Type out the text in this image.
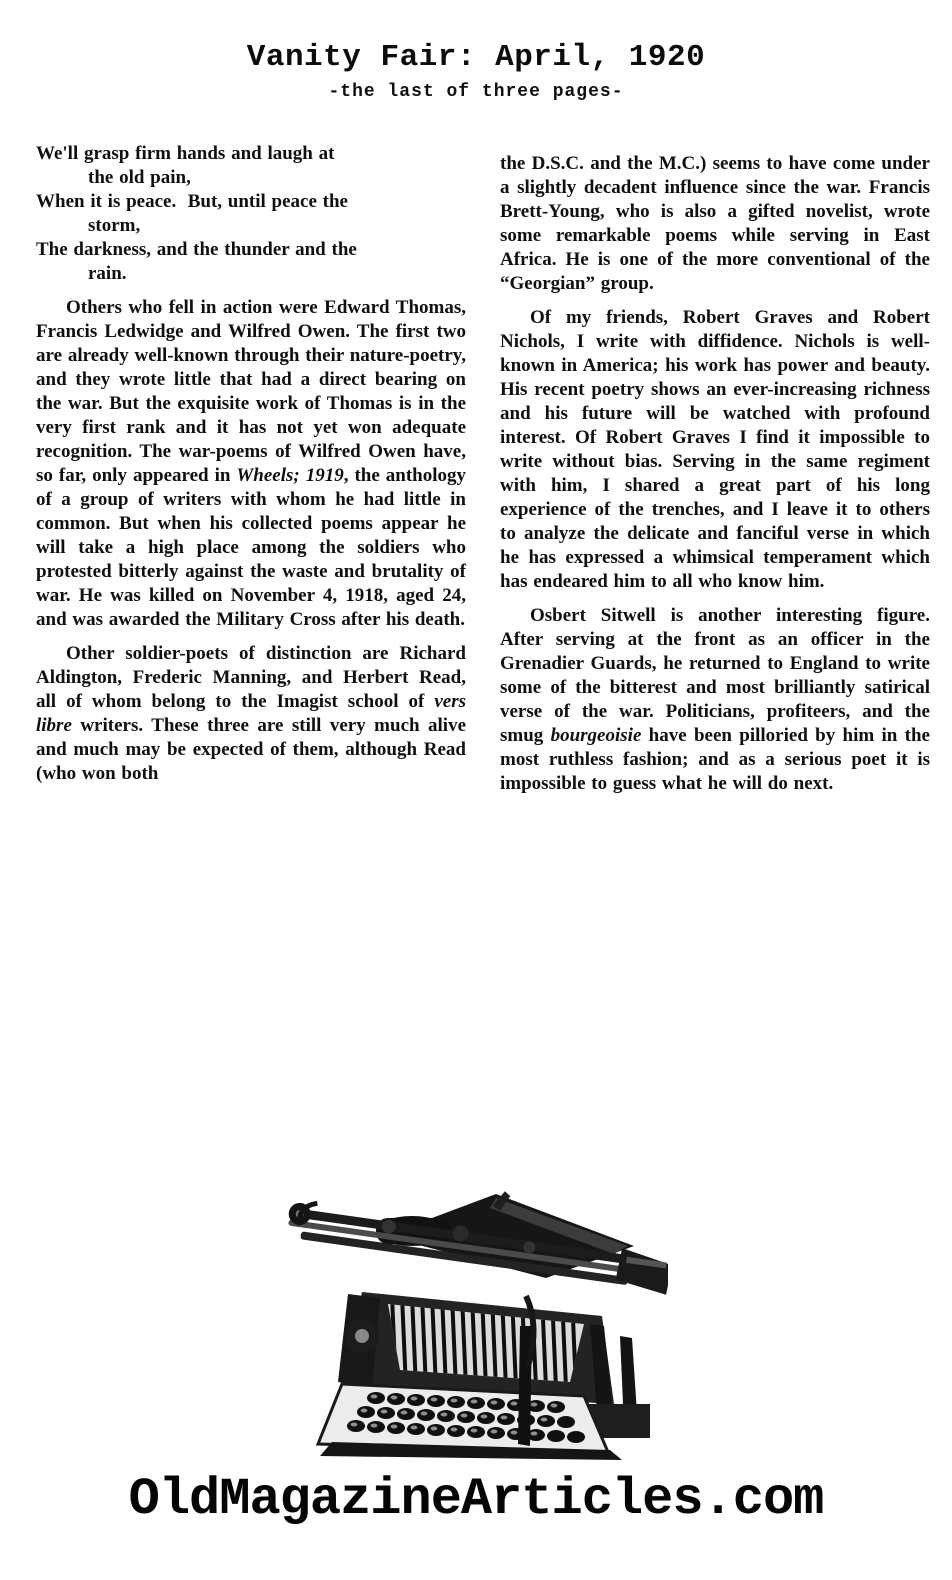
Vanity Fair: April, 1920
-the last of three pages-
We'll grasp firm hands and laugh at
the old pain,
When it is peace.  But, until peace the
storm,
The darkness, and the thunder and the
rain.

Others who fell in action were Edward Thomas, Francis Ledwidge and Wilfred Owen. The first two are already well-known through their nature-poetry, and they wrote little that had a direct bearing on the war. But the exquisite work of Thomas is in the very first rank and it has not yet won adequate recognition. The war-poems of Wilfred Owen have, so far, only appeared in Wheels; 1919, the anthology of a group of writers with whom he had little in common. But when his collected poems appear he will take a high place among the soldiers who protested bitterly against the waste and brutality of war. He was killed on November 4, 1918, aged 24, and was awarded the Military Cross after his death.

Other soldier-poets of distinction are Richard Aldington, Frederic Manning, and Herbert Read, all of whom belong to the Imagist school of vers libre writers. These three are still very much alive and much may be expected of them, although Read (who won both

the D.S.C. and the M.C.) seems to have come under a slightly decadent influence since the war. Francis Brett-Young, who is also a gifted novelist, wrote some remarkable poems while serving in East Africa. He is one of the more conventional of the “Georgian” group.

Of my friends, Robert Graves and Robert Nichols, I write with diffidence. Nichols is well-known in America; his work has power and beauty. His recent poetry shows an ever-increasing richness and his future will be watched with profound interest. Of Robert Graves I find it impossible to write without bias. Serving in the same regiment with him, I shared a great part of his long experience of the trenches, and I leave it to others to analyze the delicate and fanciful verse in which he has expressed a whimsical temperament which has endeared him to all who know him.

Osbert Sitwell is another interesting figure. After serving at the front as an officer in the Grenadier Guards, he returned to England to write some of the bitterest and most brilliantly satirical verse of the war. Politicians, profiteers, and the smug bourgeoisie have been pilloried by him in the most ruthless fashion; and as a serious poet it is impossible to guess what he will do next.

OldMagazineArticles.com
